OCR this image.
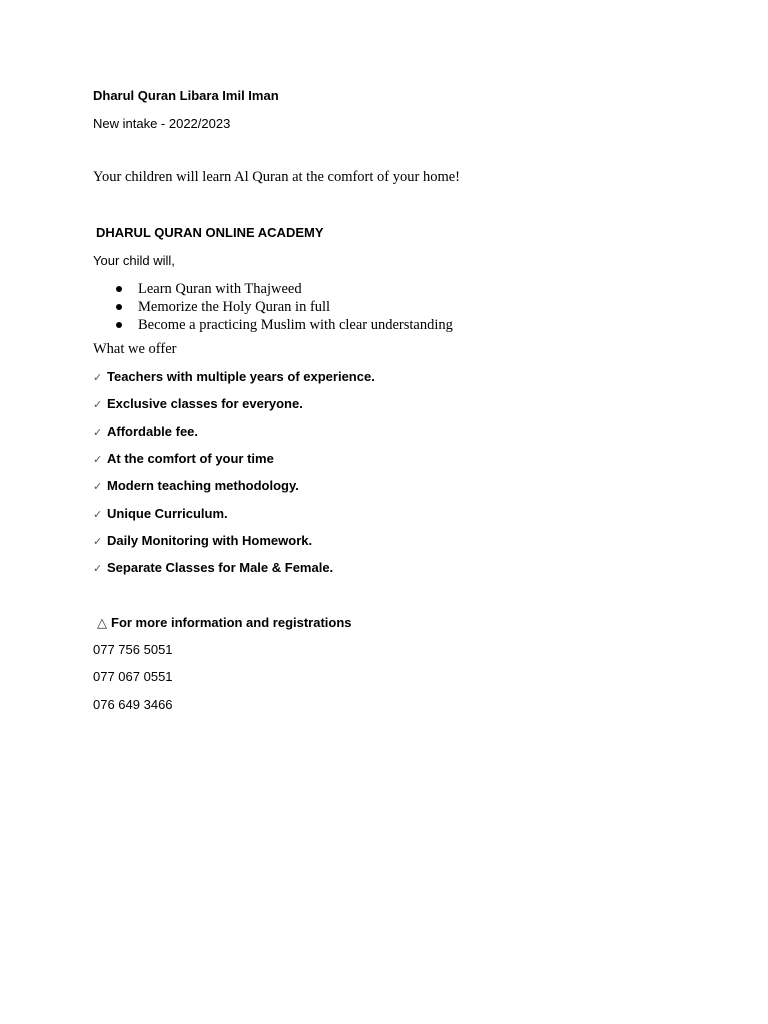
Dharul Quran Libara Imil Iman
New intake - 2022/2023
Your children will learn Al Quran at the comfort of your home!
DHARUL QURAN ONLINE ACADEMY
Your child will,
Learn Quran with Thajweed
Memorize the Holy Quran in full
Become a practicing Muslim with clear understanding
What we offer
✓ Teachers with multiple years of experience.
✓ Exclusive classes for everyone.
✓ Affordable fee.
✓ At the comfort of your time
✓ Modern teaching methodology.
✓ Unique Curriculum.
✓ Daily Monitoring with Homework.
✓ Separate Classes for Male & Female.
△ For more information and registrations
077 756 5051
077 067 0551
076 649 3466
